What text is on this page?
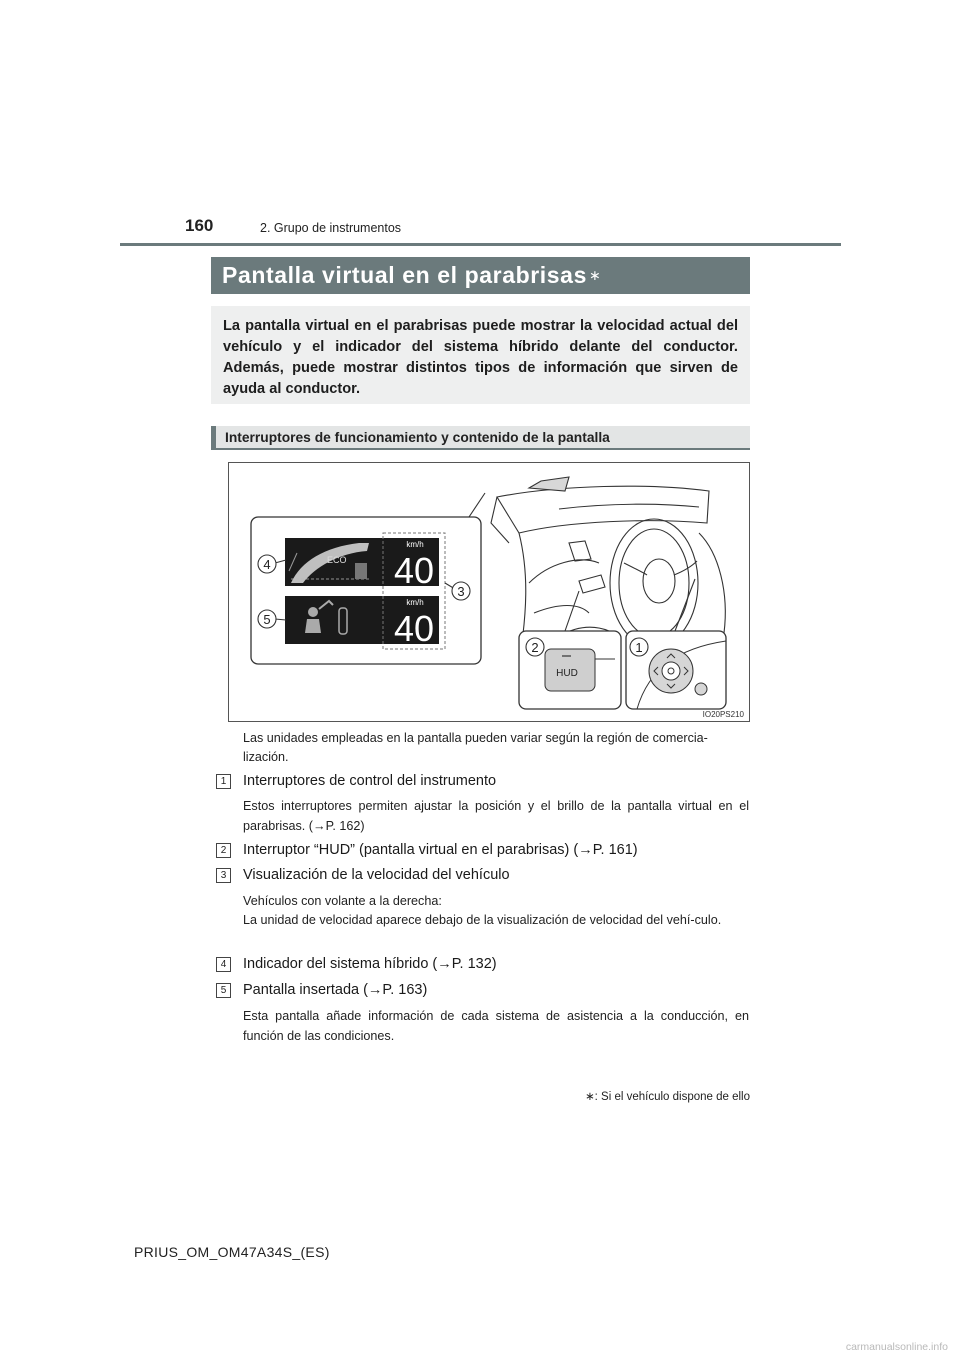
160	2. Grupo de instrumentos
Pantalla virtual en el parabrisas ∗
La pantalla virtual en el parabrisas puede mostrar la velocidad actual del vehículo y el indicador del sistema híbrido delante del conductor. Además, puede mostrar distintos tipos de información que sirven de ayuda al conductor.
Interruptores de funcionamiento y contenido de la pantalla
ECO
km/h
40
km/h
40
4
5
3
HUD
2	1
IO20PS210
Las unidades empleadas en la pantalla pueden variar según la región de comercia-lización.
1	Interruptores de control del instrumento
Estos interruptores permiten ajustar la posición y el brillo de la pantalla virtual en el parabrisas. (→P. 162)
2	Interruptor “HUD” (pantalla virtual en el parabrisas) (→P. 161)
3	Visualización de la velocidad del vehículo
Vehículos con volante a la derecha:
La unidad de velocidad aparece debajo de la visualización de velocidad del vehí-culo.
4	Indicador del sistema híbrido (→P. 132)
5	Pantalla insertada (→P. 163)
Esta pantalla añade información de cada sistema de asistencia a la conducción, en función de las condiciones.
∗: Si el vehículo dispone de ello
PRIUS_OM_OM47A34S_(ES)
carmanualsonline.info
